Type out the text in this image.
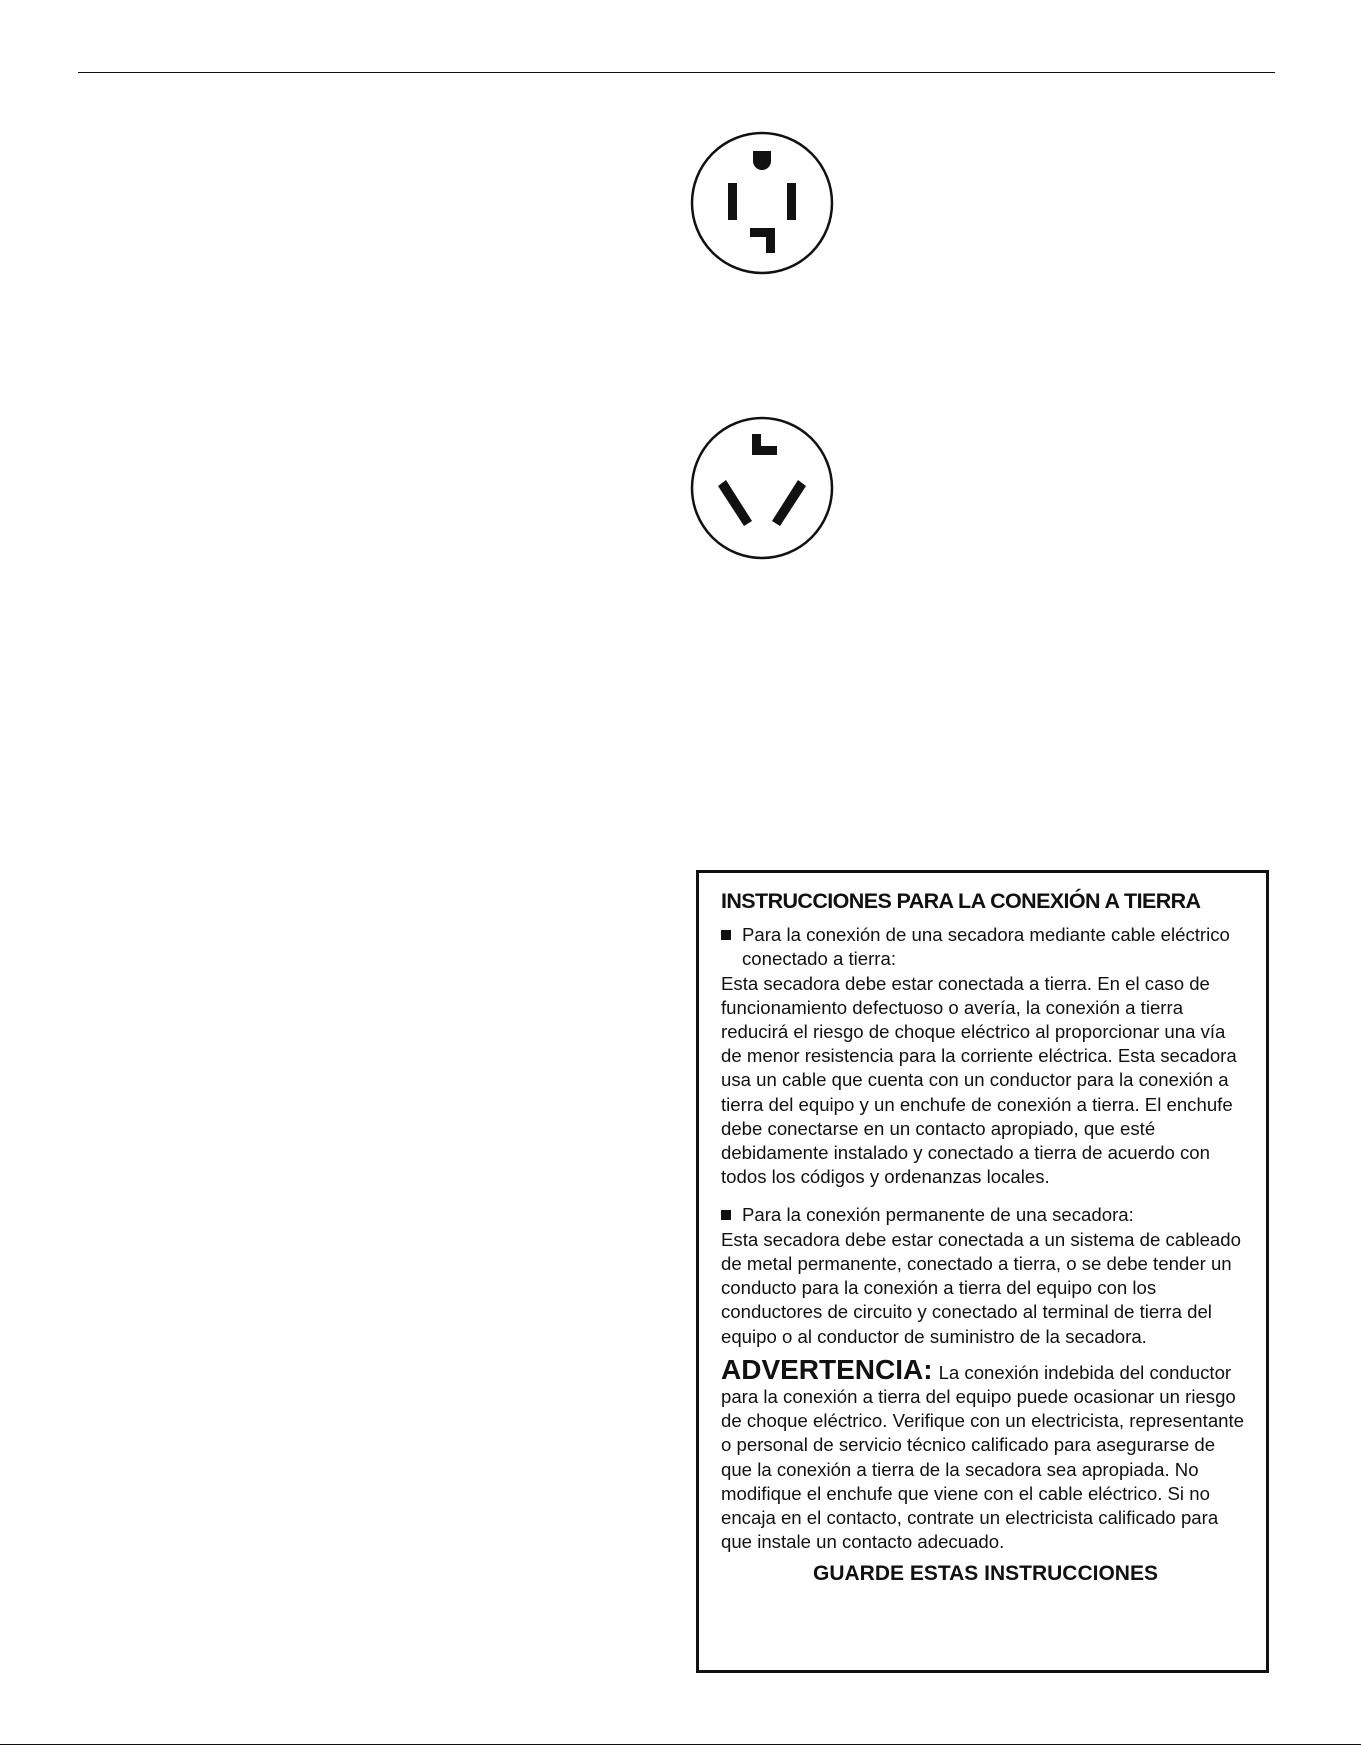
INSTRUCCIONES PARA LA CONEXIÓN A TIERRA
Para la conexión de una secadora mediante cable eléctrico conectado a tierra:

Esta secadora debe estar conectada a tierra. En el caso de funcionamiento defectuoso o avería, la conexión a tierra reducirá el riesgo de choque eléctrico al proporcionar una vía de menor resistencia para la corriente eléctrica. Esta secadora usa un cable que cuenta con un conductor para la conexión a tierra del equipo y un enchufe de conexión a tierra. El enchufe debe conectarse en un contacto apropiado, que esté debidamente instalado y conectado a tierra de acuerdo con todos los códigos y ordenanzas locales.

Para la conexión permanente de una secadora:

Esta secadora debe estar conectada a un sistema de cableado de metal permanente, conectado a tierra, o se debe tender un conducto para la conexión a tierra del equipo con los conductores de circuito y conectado al terminal de tierra del equipo o al conductor de suministro de la secadora.

ADVERTENCIA: La conexión indebida del conductor para la conexión a tierra del equipo puede ocasionar un riesgo de choque eléctrico. Verifique con un electricista, representante o personal de servicio técnico calificado para asegurarse de que la conexión a tierra de la secadora sea apropiada. No modifique el enchufe que viene con el cable eléctrico. Si no encaja en el contacto, contrate un electricista calificado para que instale un contacto adecuado.

GUARDE ESTAS INSTRUCCIONES
